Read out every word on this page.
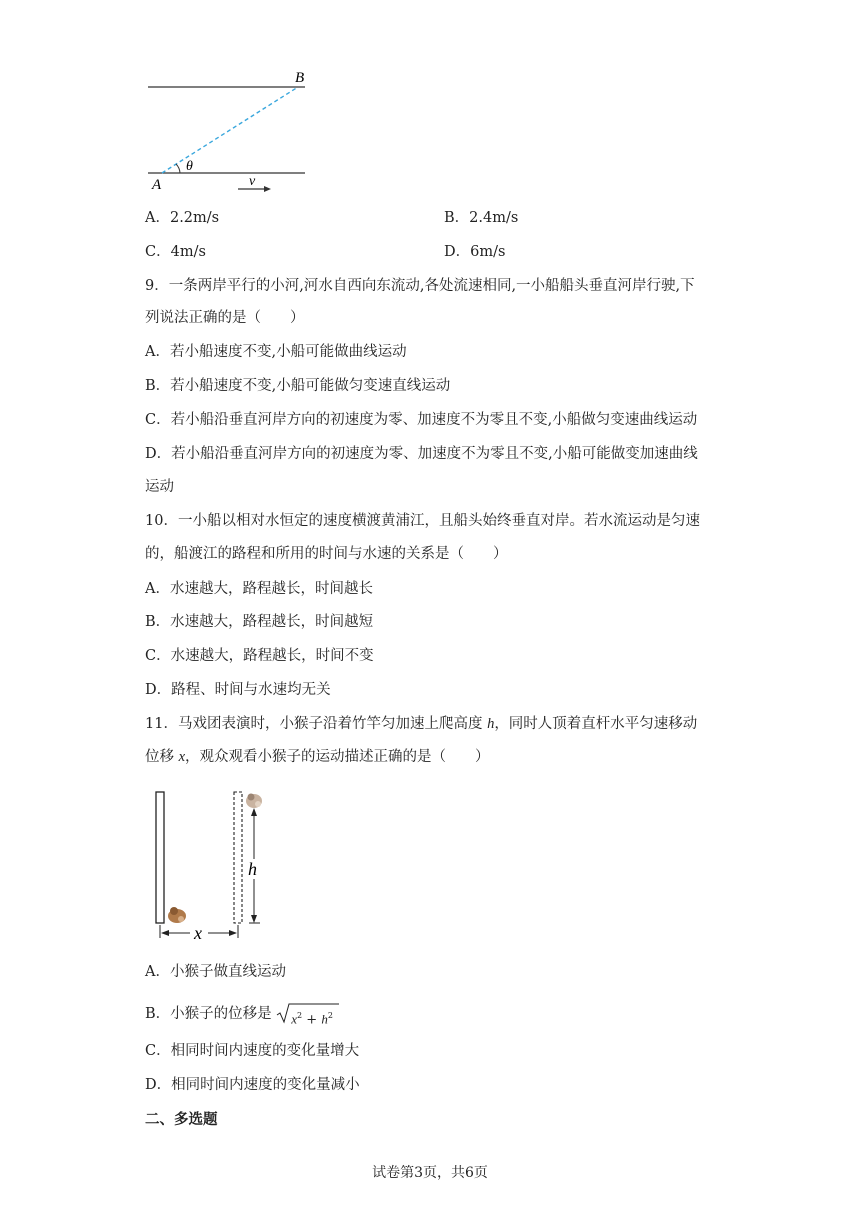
B
θ
A	v
A．2.2m/s	B．2.4m/s
C．4m/s	D．6m/s
9．一条两岸平行的小河,河水自西向东流动,各处流速相同,一小船船头垂直河岸行驶,下
列说法正确的是（　　）
A．若小船速度不变,小船可能做曲线运动
B．若小船速度不变,小船可能做匀变速直线运动
C．若小船沿垂直河岸方向的初速度为零、加速度不为零且不变,小船做匀变速曲线运动
D．若小船沿垂直河岸方向的初速度为零、加速度不为零且不变,小船可能做变加速曲线
运动
10．一小船以相对水恒定的速度横渡黄浦江，且船头始终垂直对岸。若水流运动是匀速
的，船渡江的路程和所用的时间与水速的关系是（　　）
A．水速越大，路程越长，时间越长
B．水速越大，路程越长，时间越短
C．水速越大，路程越长，时间不变
D．路程、时间与水速均无关
11．马戏团表演时，小猴子沿着竹竿匀加速上爬高度 h，同时人顶着直杆水平匀速移动
位移 x，观众观看小猴子的运动描述正确的是（　　）
h
x
A．小猴子做直线运动
B．小猴子的位移是 $x^2 + h^2$
C．相同时间内速度的变化量增大
D．相同时间内速度的变化量减小
二、多选题
试卷第3页，共6页
